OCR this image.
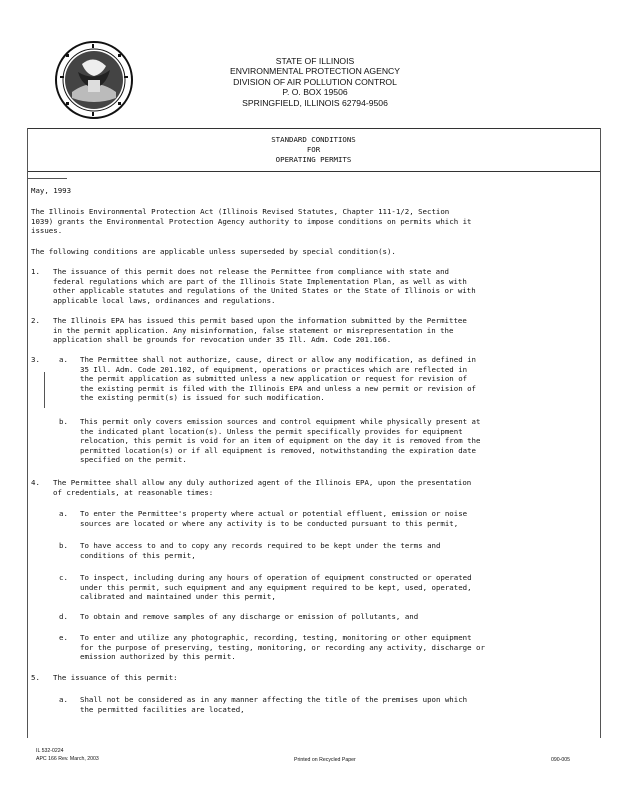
STATE OF ILLINOIS
ENVIRONMENTAL PROTECTION AGENCY
DIVISION OF AIR POLLUTION CONTROL
P. O. BOX 19506
SPRINGFIELD, ILLINOIS 62794-9506
STANDARD CONDITIONS
FOR
OPERATING PERMITS
May, 1993
The Illinois Environmental Protection Act (Illinois Revised Statutes, Chapter 111-1/2, Section
1039) grants the Environmental Protection Agency authority to impose conditions on permits which it
issues.
The following conditions are applicable unless superseded by special condition(s).
1. The issuance of this permit does not release the Permittee from compliance with state and
federal regulations which are part of the Illinois State Implementation Plan, as well as with
other applicable statutes and regulations of the United States or the State of Illinois or with
applicable local laws, ordinances and regulations.
2. The Illinois EPA has issued this permit based upon the information submitted by the Permittee
in the permit application. Any misinformation, false statement or misrepresentation in the
application shall be grounds for revocation under 35 Ill. Adm. Code 201.166.
3.	a. The Permittee shall not authorize, cause, direct or allow any modification, as defined in
35 Ill. Adm. Code 201.102, of equipment, operations or practices which are reflected in
the permit application as submitted unless a new application or request for revision of
the existing permit is filed with the Illinois EPA and unless a new permit or revision of
the existing permit(s) is issued for such modification.
b. This permit only covers emission sources and control equipment while physically present at
the indicated plant location(s). Unless the permit specifically provides for equipment
relocation, this permit is void for an item of equipment on the day it is removed from the
permitted location(s) or if all equipment is removed, notwithstanding the expiration date
specified on the permit.
4. The Permittee shall allow any duly authorized agent of the Illinois EPA, upon the presentation
of credentials, at reasonable times:
a. To enter the Permittee's property where actual or potential effluent, emission or noise
sources are located or where any activity is to be conducted pursuant to this permit,
b. To have access to and to copy any records required to be kept under the terms and
conditions of this permit,
c. To inspect, including during any hours of operation of equipment constructed or operated
under this permit, such equipment and any equipment required to be kept, used, operated,
calibrated and maintained under this permit,
d. To obtain and remove samples of any discharge or emission of pollutants, and
e. To enter and utilize any photographic, recording, testing, monitoring or other equipment
for the purpose of preserving, testing, monitoring, or recording any activity, discharge or
emission authorized by this permit.
5. The issuance of this permit:
a. Shall not be considered as in any manner affecting the title of the premises upon which
the permitted facilities are located,
IL 532-0224
APC 166 Rev. March, 2003	Printed on Recycled Paper	090-005
